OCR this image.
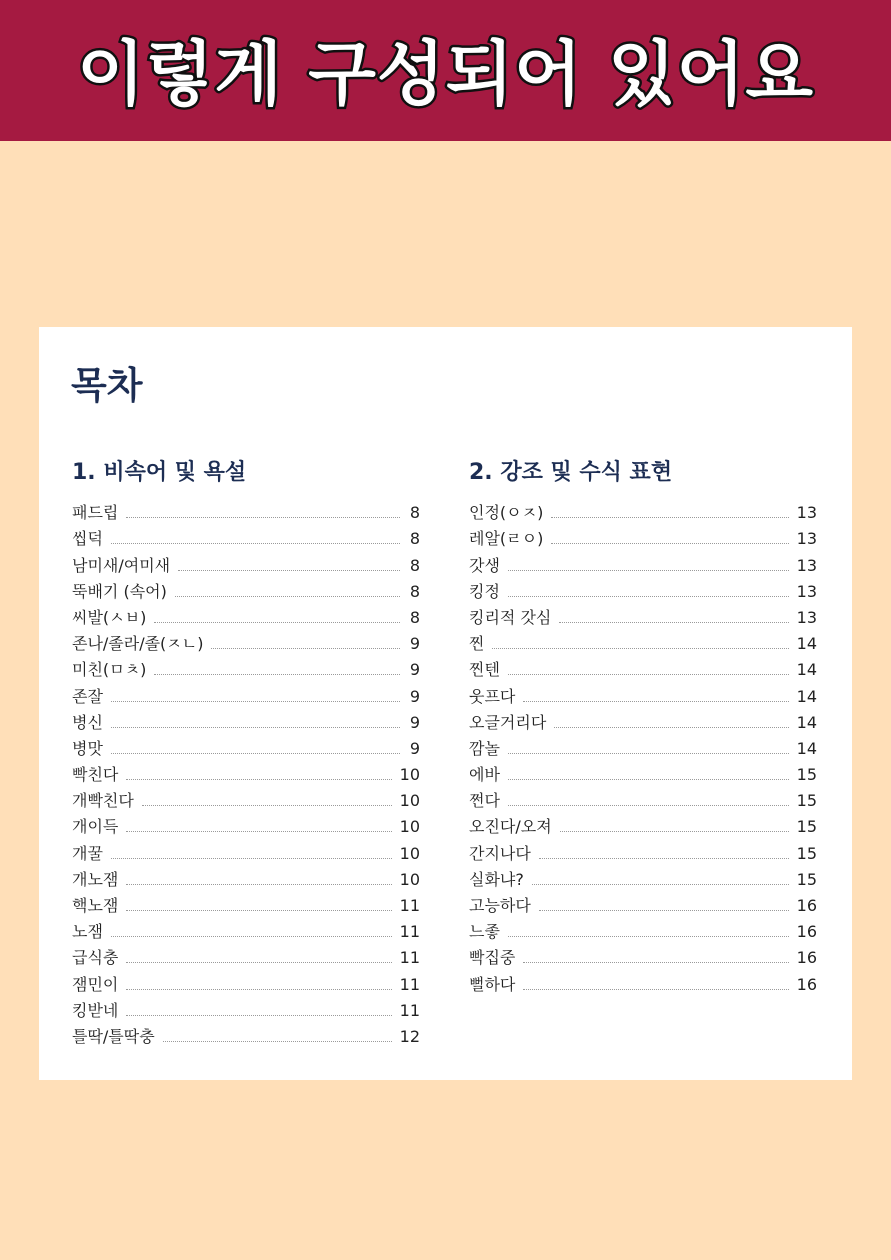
이렇게 구성되어 있어요
목차
1. 비속어 및 욕설
패드립	8
씹덕	8
남미새/여미새	8
뚝배기 (속어)	8
씨발(ㅅㅂ)	8
존나/졸라/졸(ㅈㄴ)	9
미친(ㅁㅊ)	9
존잘	9
병신	9
병맛	9
빡친다	10
개빡친다	10
개이득	10
개꿀	10
개노잼	10
핵노잼	11
노잼	11
급식충	11
잼민이	11
킹받네	11
틀딱/틀딱충	12
2. 강조 및 수식 표현
인정(ㅇㅈ)	13
레알(ㄹㅇ)	13
갓생	13
킹정	13
킹리적 갓심	13
찐	14
찐텐	14
웃프다	14
오글거리다	14
깜놀	14
에바	15
쩐다	15
오진다/오져	15
간지나다	15
실화냐?	15
고능하다	16
느좋	16
빡집중	16
뻘하다	16
